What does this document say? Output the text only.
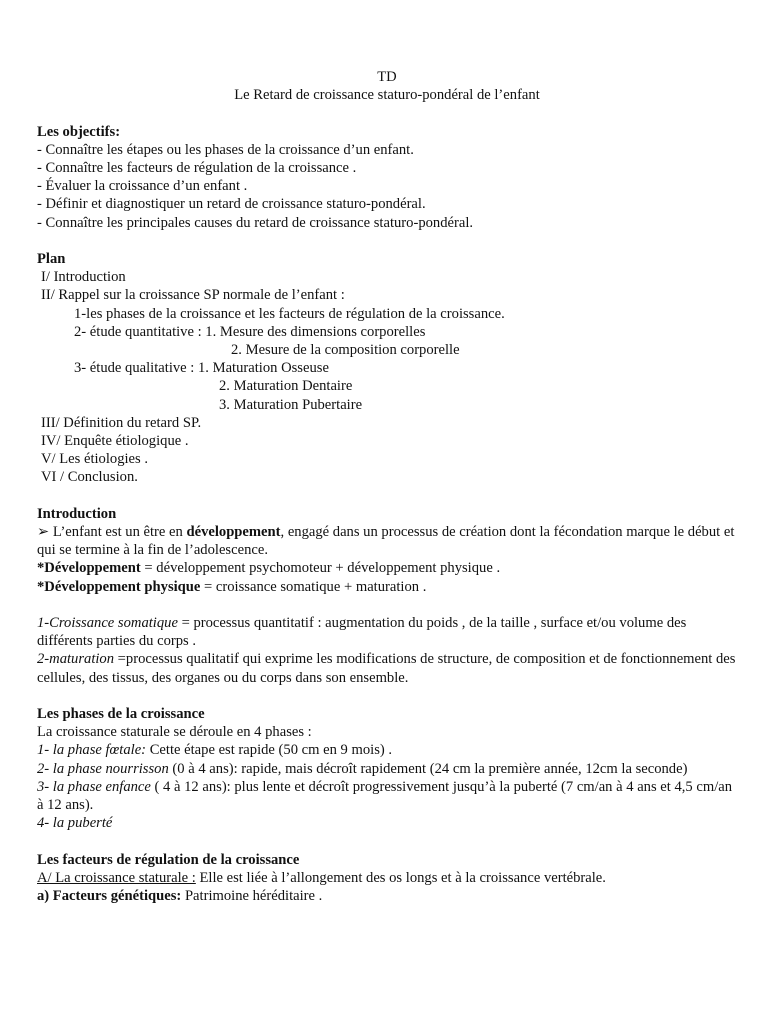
TD
Le Retard de croissance staturo-pondéral de l’enfant
Les objectifs:
- Connaître les étapes ou les phases de la croissance d’un enfant.
- Connaître les facteurs de régulation de la croissance .
- Évaluer la croissance d’un enfant .
- Définir et diagnostiquer un retard de croissance staturo-pondéral.
- Connaître les principales causes du retard de croissance staturo-pondéral.
Plan
I/ Introduction
II/ Rappel sur la croissance SP normale de l’enfant :
1-les phases de la croissance et les facteurs de régulation de la croissance.
2- étude quantitative : 1. Mesure des dimensions corporelles
2. Mesure de la composition corporelle
3- étude qualitative : 1. Maturation Osseuse
2. Maturation Dentaire
3. Maturation Pubertaire
III/ Définition du retard SP.
IV/ Enquête étiologique .
V/ Les étiologies .
VI / Conclusion.
Introduction
➢ L’enfant est un être en développement, engagé dans un processus de création dont la fécondation marque le début et qui se termine à la fin de l’adolescence.
*Développement = développement psychomoteur + développement physique .
*Développement physique = croissance somatique + maturation .
1-Croissance somatique = processus quantitatif : augmentation du poids , de la taille , surface et/ou volume des différents parties du corps .
2-maturation =processus qualitatif qui exprime les modifications de structure, de composition et de fonctionnement des cellules, des tissus, des organes ou du corps dans son ensemble.
Les phases de la croissance
La croissance staturale se déroule en 4 phases :
1- la phase fœtale: Cette étape est rapide (50 cm en 9 mois) .
2- la phase nourrisson (0 à 4 ans): rapide, mais décroît rapidement (24 cm la première année, 12cm la seconde)
3- la phase enfance ( 4 à 12 ans): plus lente et décroît progressivement jusqu’à la puberté (7 cm/an à 4 ans et 4,5 cm/an à 12 ans).
4- la puberté
Les facteurs de régulation de la croissance
A/ La croissance staturale : Elle est liée à l’allongement des os longs et à la croissance vertébrale.
a) Facteurs génétiques: Patrimoine héréditaire .
